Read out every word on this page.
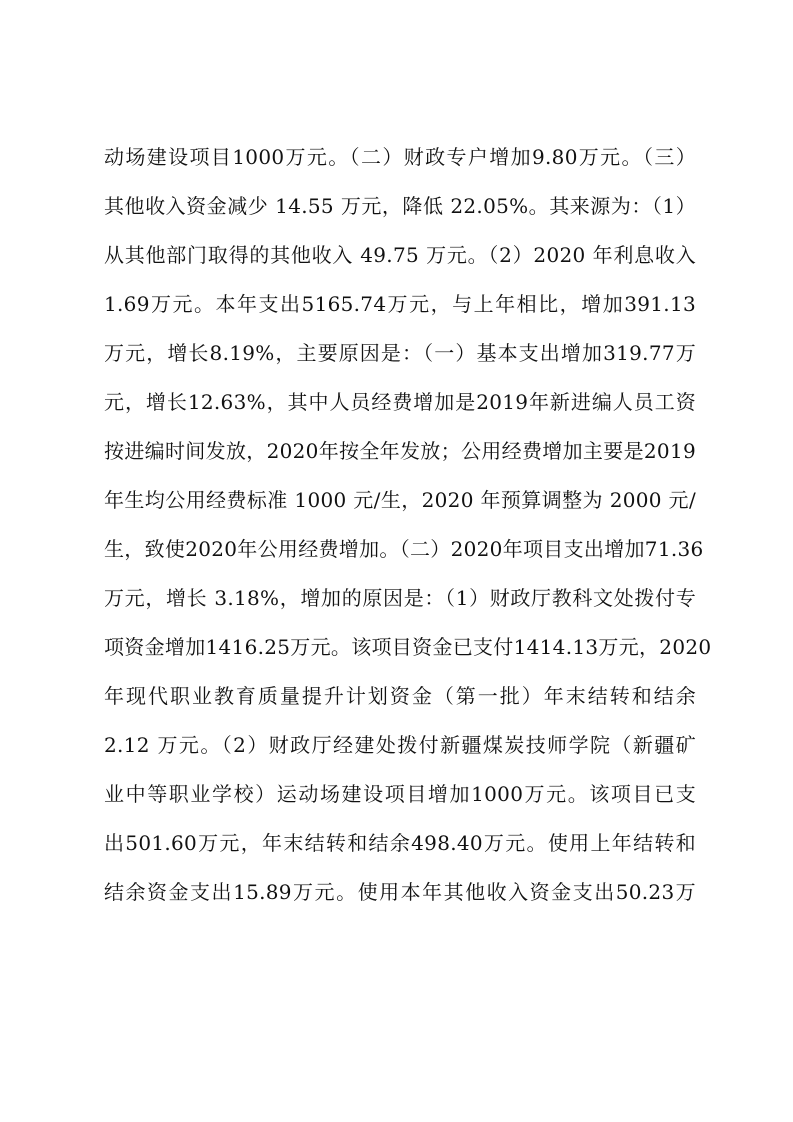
动场建设项目1000万元。（二）财政专户增加9.80万元。（三）
其他收入资金减少 14.55 万元，降低 22.05%。其来源为：（1）
从其他部门取得的其他收入 49.75 万元。（2）2020 年利息收入
1.69万元。本年支出5165.74万元，与上年相比，增加391.13
万元，增长8.19%，主要原因是：（一）基本支出增加319.77万
元，增长12.63%，其中人员经费增加是2019年新进编人员工资
按进编时间发放，2020年按全年发放；公用经费增加主要是2019
年生均公用经费标准 1000 元/生，2020 年预算调整为 2000 元/
生，致使2020年公用经费增加。（二）2020年项目支出增加71.36
万元，增长 3.18%，增加的原因是：（1）财政厅教科文处拨付专
项资金增加1416.25万元。该项目资金已支付1414.13万元，2020
年现代职业教育质量提升计划资金（第一批）年末结转和结余
2.12 万元。（2）财政厅经建处拨付新疆煤炭技师学院（新疆矿
业中等职业学校）运动场建设项目增加1000万元。该项目已支
出501.60万元，年末结转和结余498.40万元。使用上年结转和
结余资金支出15.89万元。使用本年其他收入资金支出50.23万
